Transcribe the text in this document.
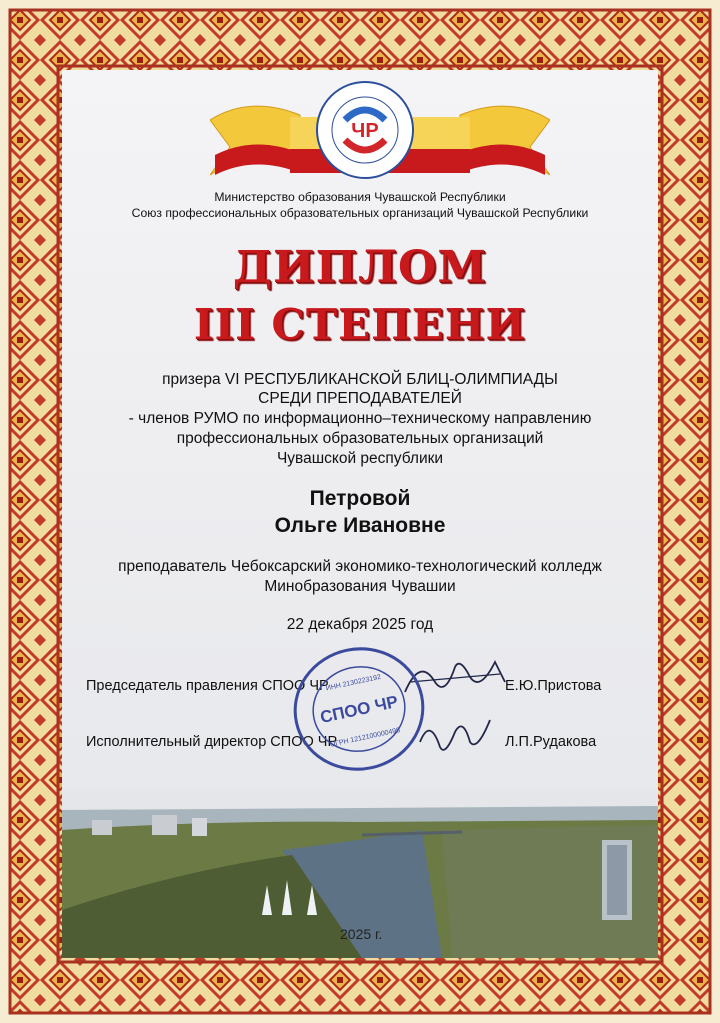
ЧР
Министерство образования Чувашской Республики
Союз профессиональных образовательных организаций Чувашской Республики
ДИПЛОМ
III СТЕПЕНИ
призера VI РЕСПУБЛИКАНСКОЙ БЛИЦ-ОЛИМПИАДЫ
СРЕДИ ПРЕПОДАВАТЕЛЕЙ
- членов РУМО по информационно–техническому направлению
профессиональных образовательных организаций
Чувашской республики
Петровой
Ольге Ивановне
преподаватель Чебоксарский экономико-технологический колледж
Минобразования Чувашии
22 декабря 2025 год
Председатель правления СПОО ЧР	Е.Ю.Пристова
Исполнительный директор СПОО ЧР	Л.П.Рудакова
СПОО ЧР
ИНН 2130223192
ОГРН 1212100000495
2025 г.
